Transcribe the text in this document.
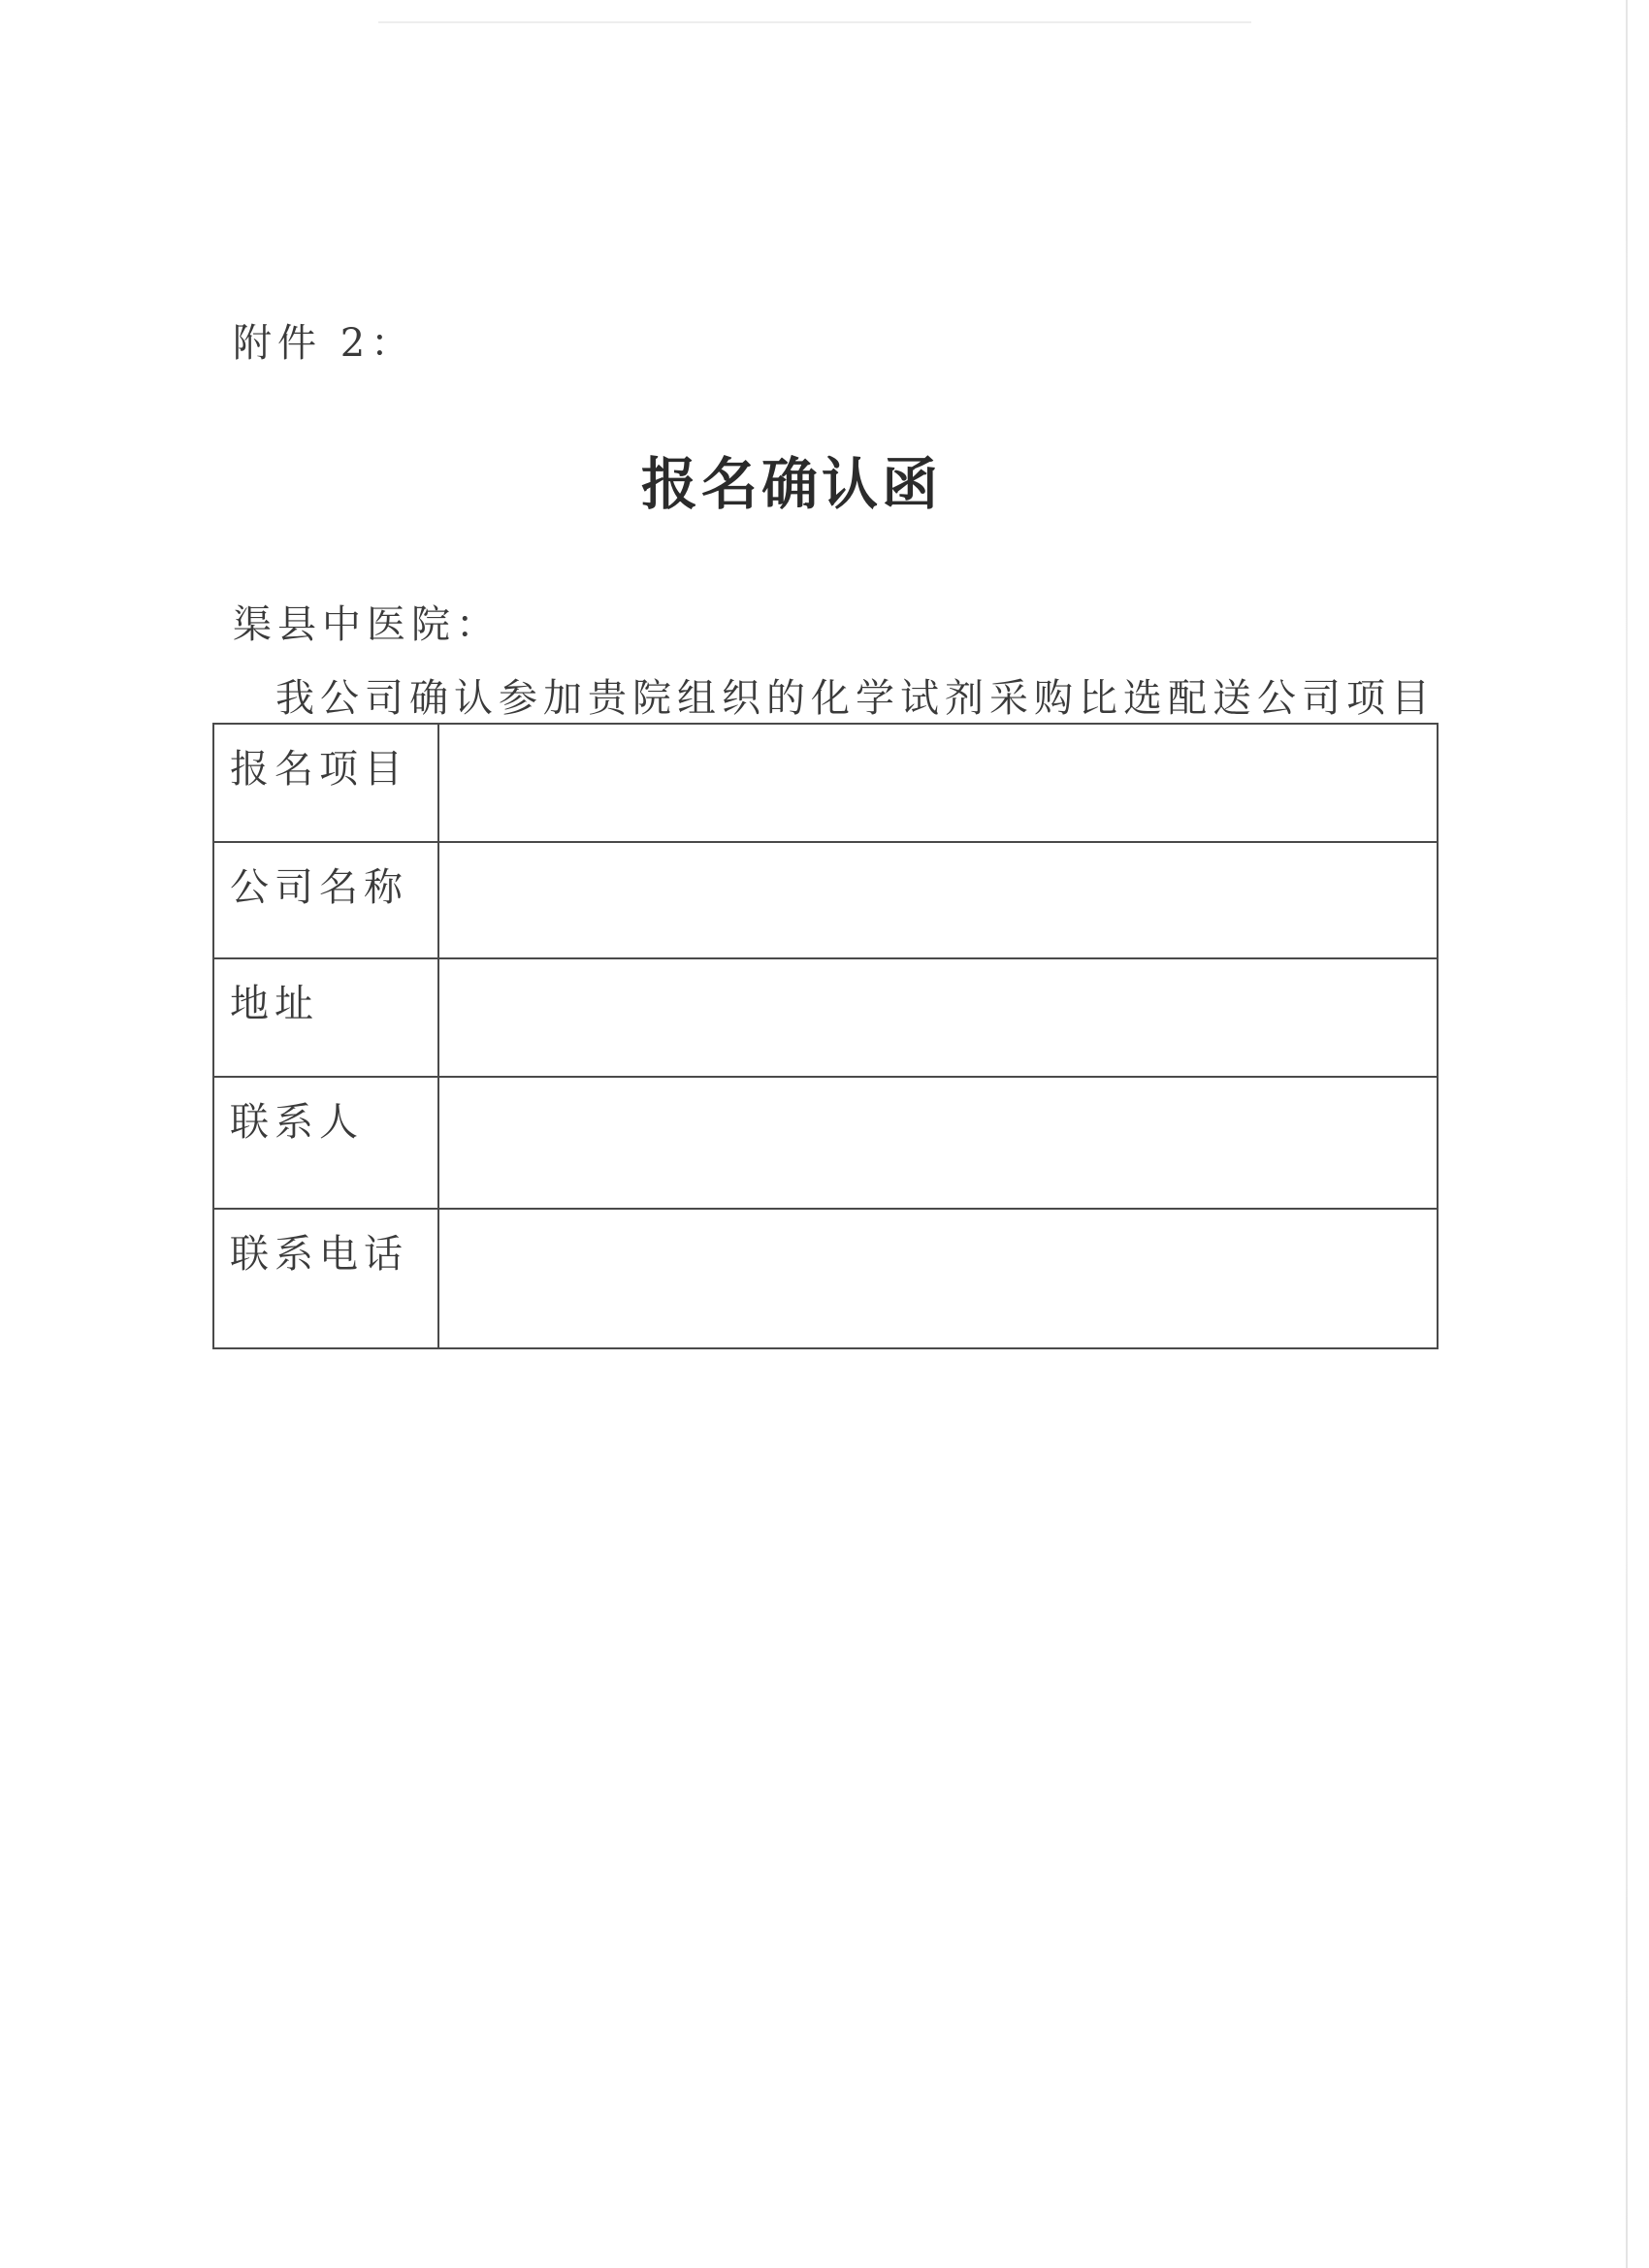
附件 2：
报名确认函
渠县中医院：
我公司确认参加贵院组织的化学试剂采购比选配送公司项目
报名项目	
公司名称	
地址	
联系人	
联系电话	
